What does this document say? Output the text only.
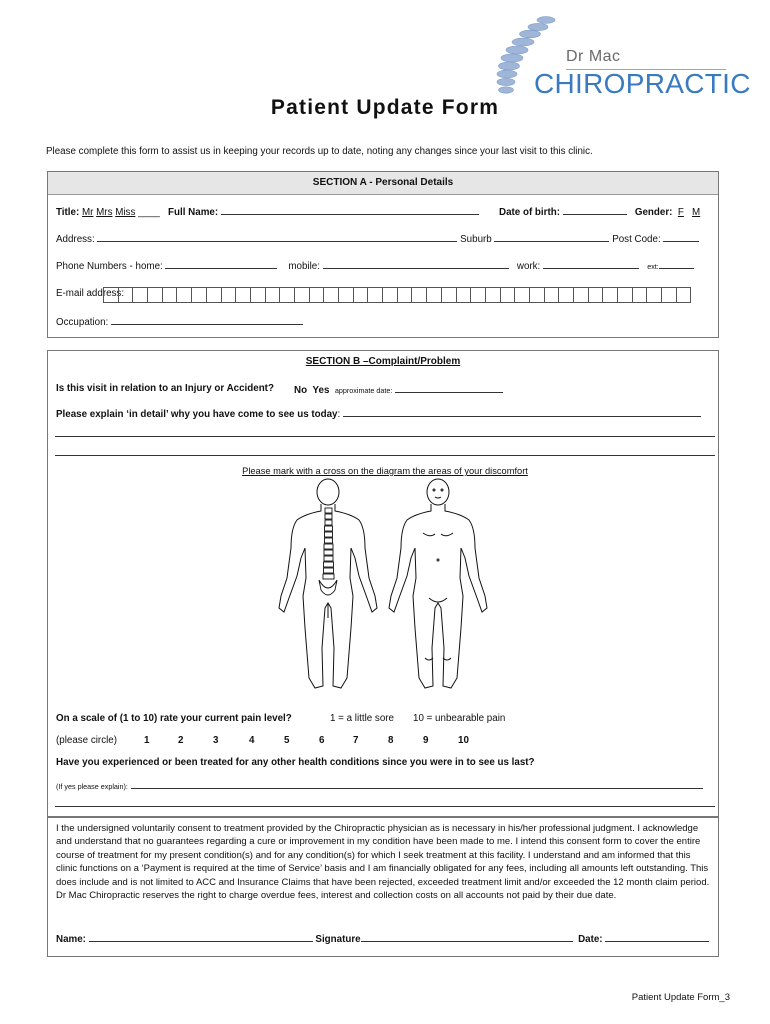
Dr Mac
CHIROPRACTIC
Patient Update Form
Please complete this form to assist us in keeping your records up to date, noting any changes since your last visit to this clinic.
SECTION A - Personal Details
Title: Mr Mrs Miss ____ Full Name:	Date of birth:	Gender: F M
Address:	Suburb	Post Code:
Phone Numbers - home:	mobile:	work:	ext:
E-mail address:
Occupation:
SECTION B –Complaint/Problem
Is this visit in relation to an Injury or Accident? No Yes approximate date:
Please explain ‘in detail’ why you have come to see us today:
Please mark with a cross on the diagram the areas of your discomfort
On a scale of (1 to 10) rate your current pain level?	1 = a little sore 10 = unbearable pain
(please circle)	1	2	3	4	5	6	7	8	9	10
Have you experienced or been treated for any other health conditions since you were in to see us last?
(If yes please explain):

I the undersigned voluntarily consent to treatment provided by the Chiropractic physician as is necessary in his/her professional judgment. I acknowledge and understand that no guarantees regarding a cure or improvement in my condition have been made to me. I intend this consent form to cover the entire course of treatment for my present condition(s) and for any condition(s) for which I seek treatment at this facility. I understand and am informed that this clinic functions on a ‘Payment is required at the time of Service’ basis and I am financially obligated for any fees, including all amounts left outstanding. This does include and is not limited to ACC and Insurance Claims that have been rejected, exceeded treatment limit and/or exceeded the 12 month claim period. Dr Mac Chiropractic reserves the right to charge overdue fees, interest and collection costs on all accounts not paid by their due date.

Name:	Signature	Date:
Patient Update Form_3
